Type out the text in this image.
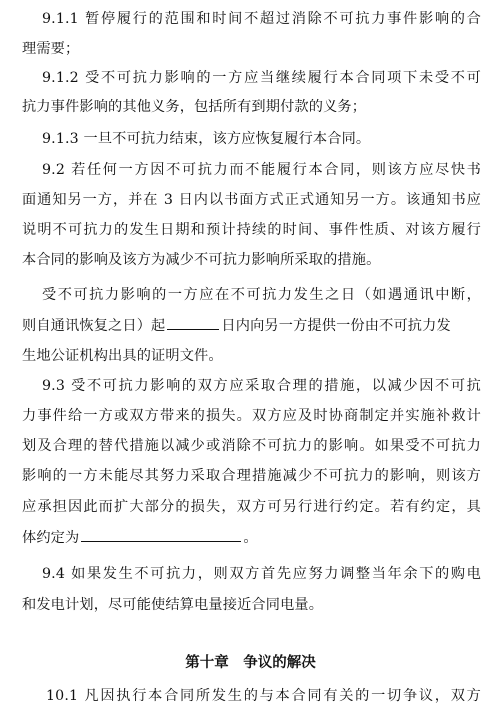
9.1.1 暂停履行的范围和时间不超过消除不可抗力事件影响的合
理需要；
9.1.2 受不可抗力影响的一方应当继续履行本合同项下未受不可
抗力事件影响的其他义务，包括所有到期付款的义务；
9.1.3 一旦不可抗力结束，该方应恢复履行本合同。
9.2 若任何一方因不可抗力而不能履行本合同，则该方应尽快书
面通知另一方，并在 3 日内以书面方式正式通知另一方。该通知书应
说明不可抗力的发生日期和预计持续的时间、事件性质、对该方履行
本合同的影响及该方为减少不可抗力影响所采取的措施。
受不可抗力影响的一方应在不可抗力发生之日（如遇通讯中断，
则自通讯恢复之日）起	日内向另一方提供一份由不可抗力发
生地公证机构出具的证明文件。
9.3 受不可抗力影响的双方应采取合理的措施，以减少因不可抗
力事件给一方或双方带来的损失。双方应及时协商制定并实施补救计
划及合理的替代措施以减少或消除不可抗力的影响。如果受不可抗力
影响的一方未能尽其努力采取合理措施减少不可抗力的影响，则该方
应承担因此而扩大部分的损失，双方可另行进行约定。若有约定，具
体约定为	。
9.4 如果发生不可抗力，则双方首先应努力调整当年余下的购电
和发电计划，尽可能使结算电量接近合同电量。
第十章　争议的解决
10.1 凡因执行本合同所发生的与本合同有关的一切争议，双方
